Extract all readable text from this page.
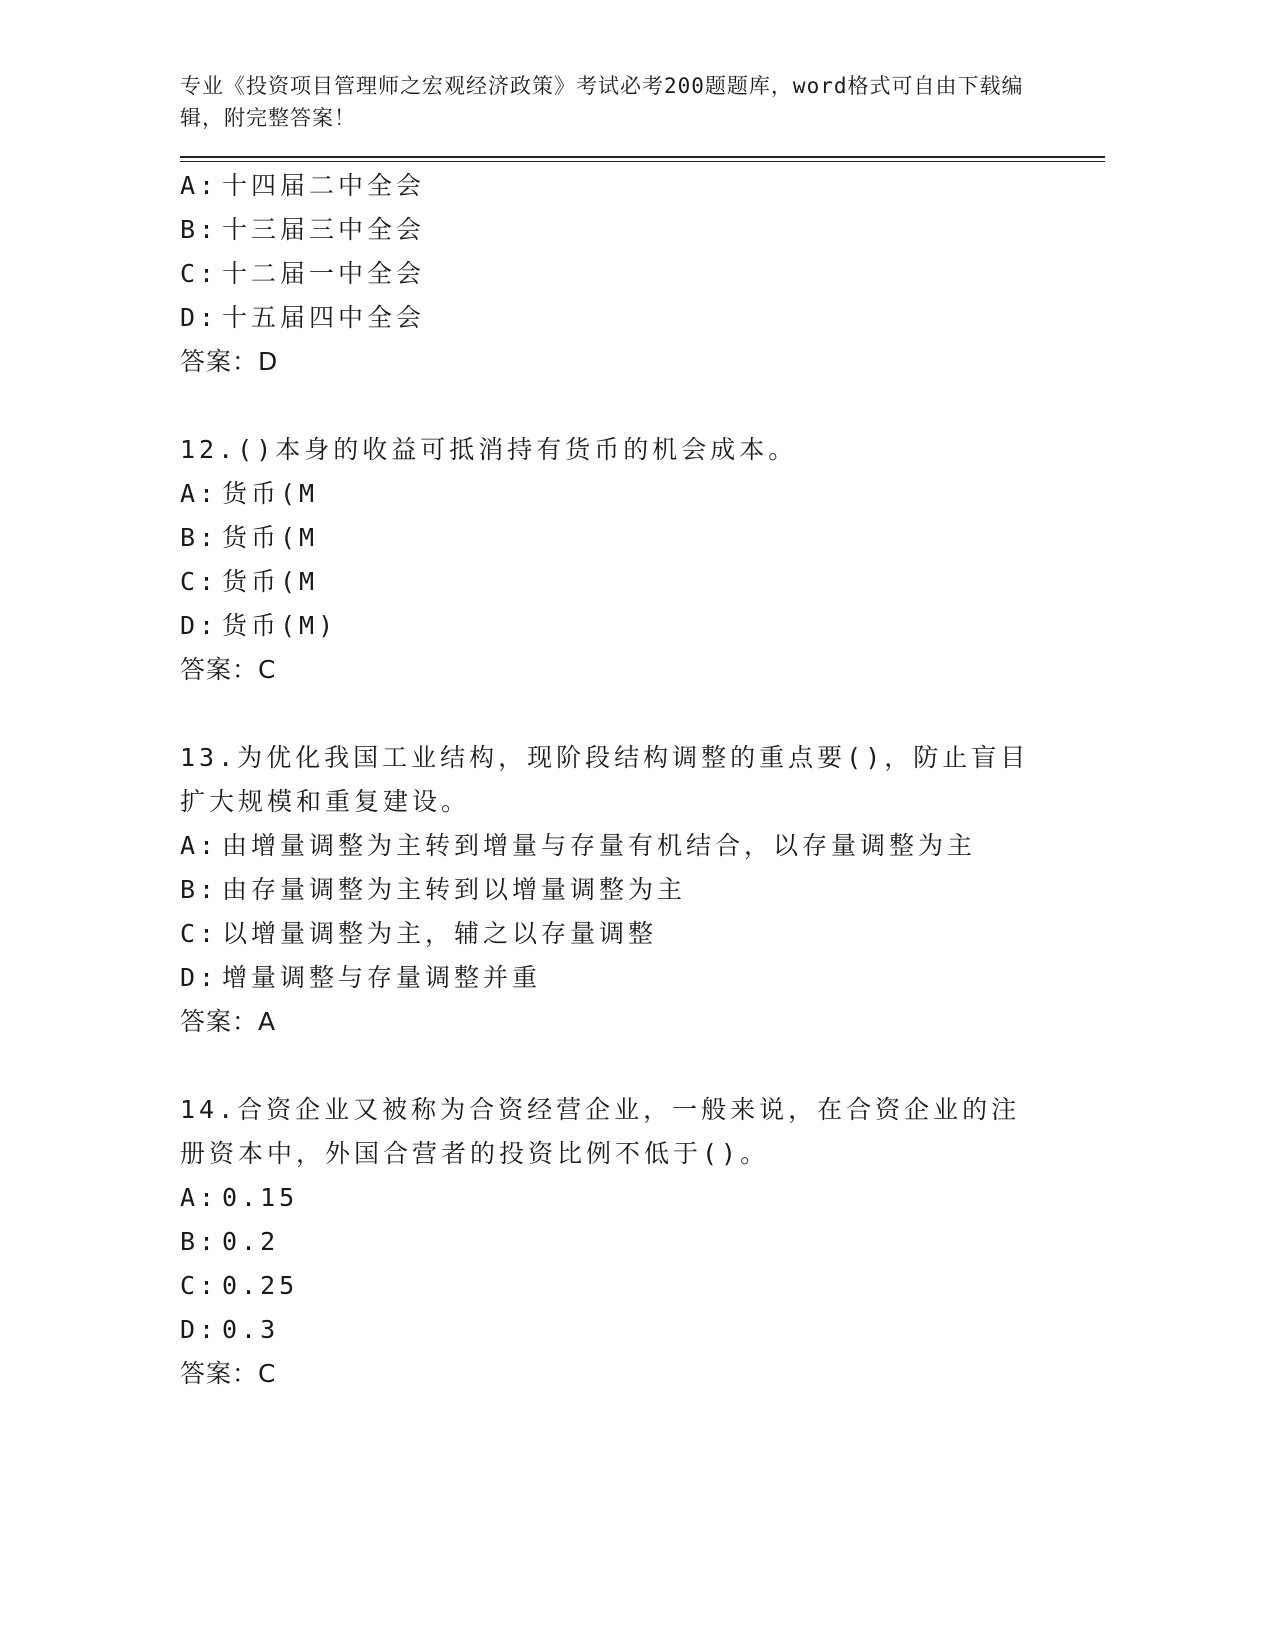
专业《投资项目管理师之宏观经济政策》考试必考200题题库，word格式可自由下载编辑，附完整答案！
A: 十四届二中全会
B: 十三届三中全会
C: 十二届一中全会
D: 十五届四中全会
答案：D
12.()本身的收益可抵消持有货币的机会成本。
A: 货币(M
B: 货币(M
C: 货币(M
D: 货币(M)
答案：C
13.为优化我国工业结构，现阶段结构调整的重点要()，防止盲目扩大规模和重复建设。
A: 由增量调整为主转到增量与存量有机结合，以存量调整为主
B: 由存量调整为主转到以增量调整为主
C: 以增量调整为主，辅之以存量调整
D: 增量调整与存量调整并重
答案：A
14.合资企业又被称为合资经营企业，一般来说，在合资企业的注册资本中，外国合营者的投资比例不低于()。
A: 0.15
B: 0.2
C: 0.25
D: 0.3
答案：C
